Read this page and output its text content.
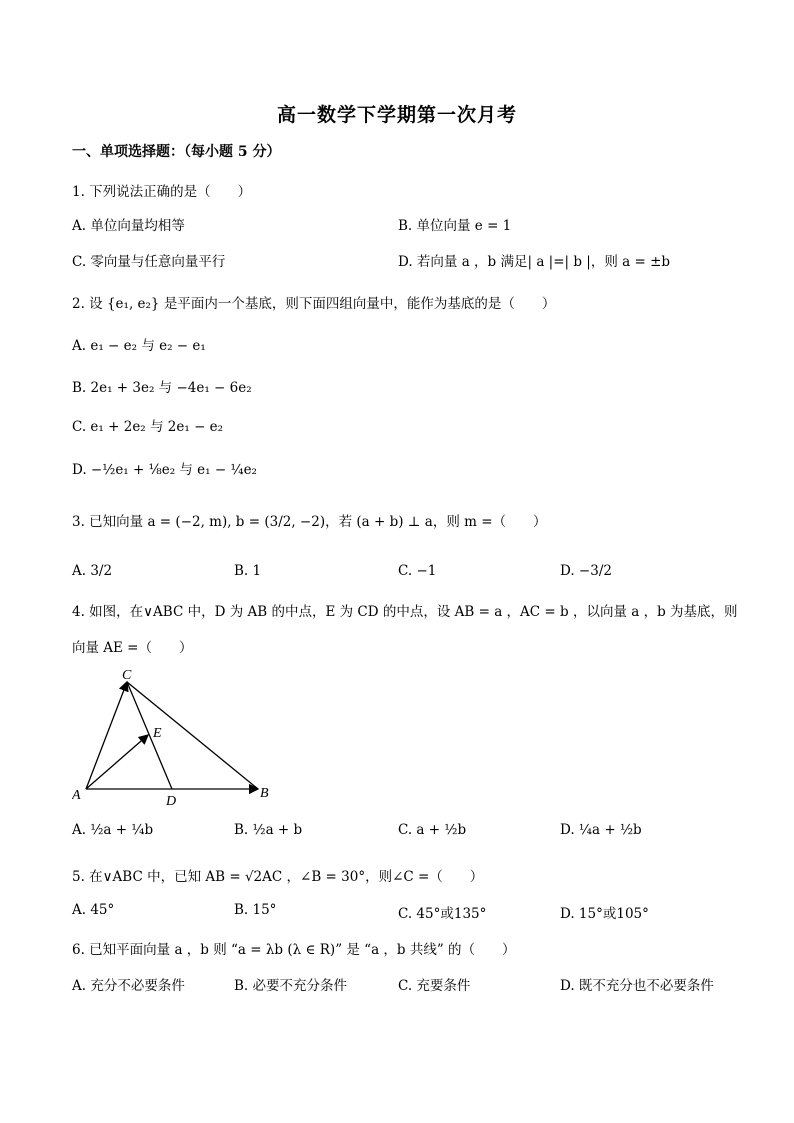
高一数学下学期第一次月考
一、单项选择题：（每小题 5 分）
1. 下列说法正确的是（　　）
A. 单位向量均相等	B. 单位向量 e = 1
C. 零向量与任意向量平行	D. 若向量 a ，b 满足| a |=| b |，则 a = ±b
2. 设 {e₁, e₂} 是平面内一个基底，则下面四组向量中，能作为基底的是（　　）
A. e₁ − e₂ 与 e₂ − e₁
B. 2e₁ + 3e₂ 与 −4e₁ − 6e₂
C. e₁ + 2e₂ 与 2e₁ − e₂
D. −½e₁ + ⅛e₂ 与 e₁ − ¼e₂
3. 已知向量 a = (−2, m), b = (3/2, −2)，若 (a + b) ⊥ a，则 m =（　　）
A. 3/2	B. 1	C. −1	D. −3/2
4. 如图，在∨ABC 中，D 为 AB 的中点，E 为 CD 的中点，设 AB = a ，AC = b ，以向量 a ，b 为基底，则
向量 AE =（　　）
A	B
C
D
E
A. ½a + ¼b	B. ½a + b	C. a + ½b	D. ¼a + ½b
5. 在∨ABC 中，已知 AB = √2AC ，∠B = 30°，则∠C =（　　）
A. 45°	B. 15°	C. 45°或135°	D. 15°或105°
6. 已知平面向量 a ，b 则 “a = λb (λ ∈ R)” 是 “a ，b 共线” 的（　　）
A. 充分不必要条件	B. 必要不充分条件	C. 充要条件	D. 既不充分也不必要条件
